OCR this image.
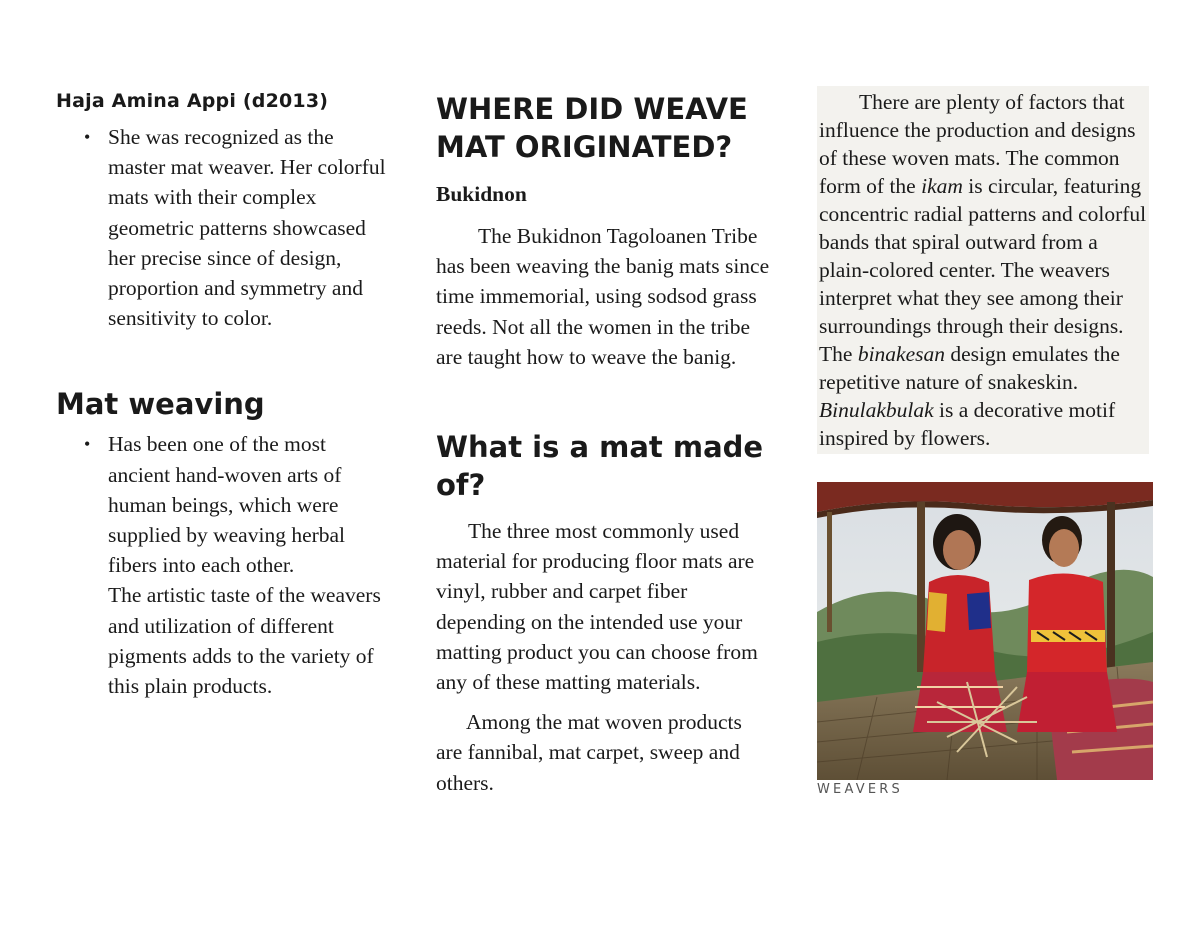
Haja Amina Appi (d2013)
• She was recognized as the master mat weaver. Her colorful mats with their complex geometric patterns showcased her precise since of design, proportion and symmetry and sensitivity to color.
Mat weaving
• Has been one of the most ancient hand-woven arts of human beings, which were supplied by weaving herbal fibers into each other.
The artistic taste of the weavers and utilization of different pigments adds to the variety of this plain products.
WHERE DID WEAVE MAT ORIGINATED?
Bukidnon

The Bukidnon Tagoloanen Tribe has been weaving the banig mats since time immemorial, using sodsod grass reeds. Not all the women in the tribe are taught how to weave the banig.

What is a mat made of?

The three most commonly used material for producing floor mats are vinyl, rubber and carpet fiber depending on the intended use your matting product you can choose from any of these matting materials.

Among the mat woven products are fannibal, mat carpet, sweep and others.

There are plenty of factors that influence the production and designs of these woven mats. The common form of the ikam is circular, featuring concentric radial patterns and colorful bands that spiral outward from a plain-colored center. The weavers interpret what they see among their surroundings through their designs. The binakesan design emulates the repetitive nature of snakeskin. Binulakbulak is a decorative motif inspired by flowers.
WEAVERS
